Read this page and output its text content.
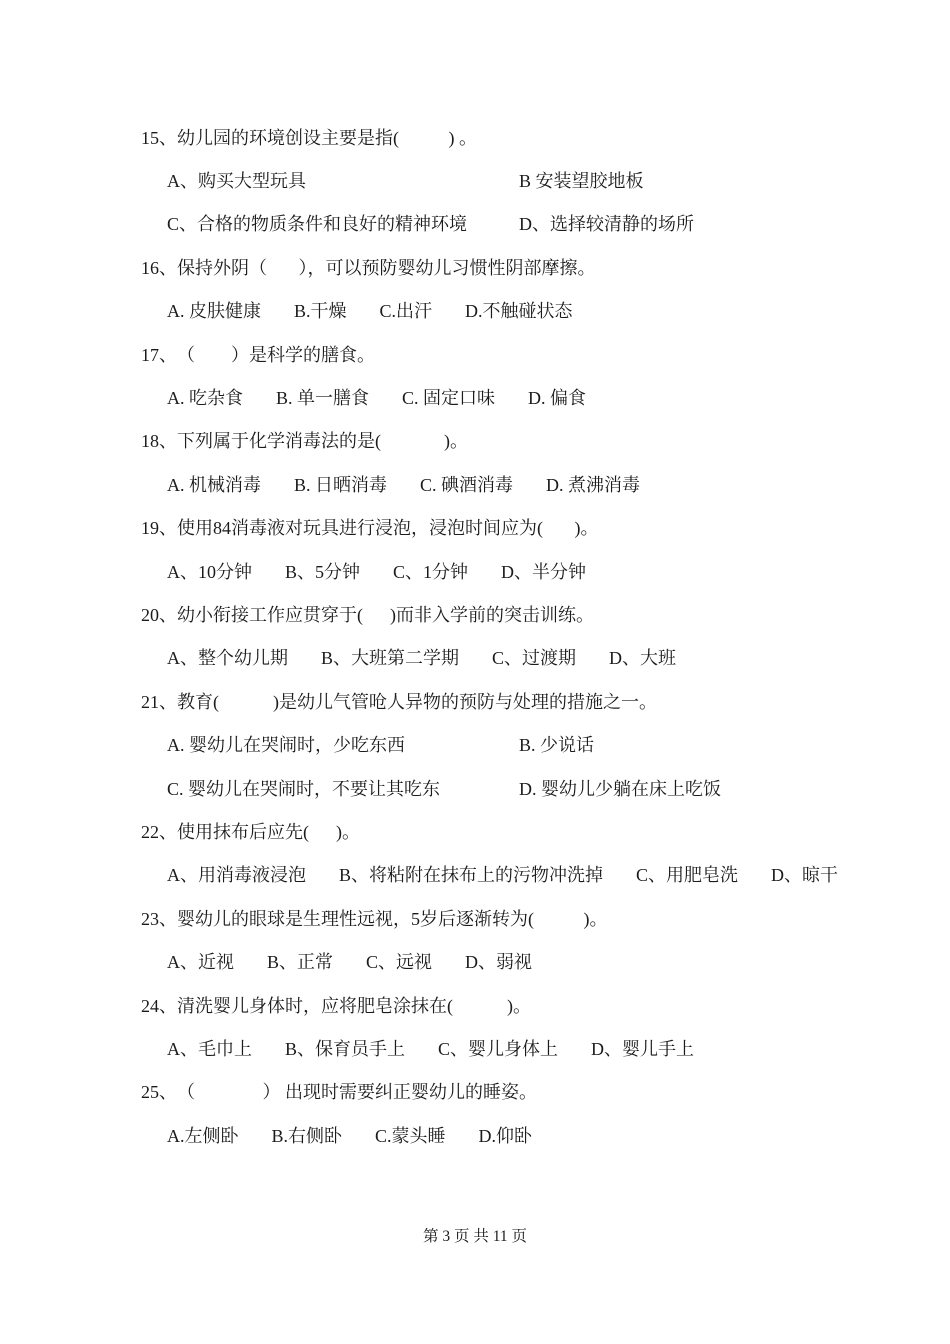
15、 幼儿园的环境创设主要是指(           ) 。
A、购买大型玩具	B 安装望胶地板
C、合格的物质条件和良好的精神环境	D、选择较清静的场所
16、 保持外阴（       ），可以预防婴幼儿习惯性阴部摩擦。
A. 皮肤健康 B.干燥 C.出汗 D.不触碰状态
17、 （        ）是科学的膳食。
A. 吃杂食 B. 单一膳食 C. 固定口味 D. 偏食
18、 下列属于化学消毒法的是(              )。
A. 机械消毒 B. 日晒消毒 C. 碘酒消毒 D. 煮沸消毒
19、 使用84消毒液对玩具进行浸泡，浸泡时间应为(       )。
A、10分钟 B、5分钟 C、1分钟 D、半分钟
20、 幼小衔接工作应贯穿于(      )而非入学前的突击训练。
A、整个幼儿期 B、大班第二学期 C、过渡期 D、大班
21、 教育(            )是幼儿气管呛人异物的预防与处理的措施之一。
A. 婴幼儿在哭闹时，少吃东西	B. 少说话
C. 婴幼儿在哭闹时，不要让其吃东	D. 婴幼儿少躺在床上吃饭
22、 使用抹布后应先(      )。
A、用消毒液浸泡 B、将粘附在抹布上的污物冲洗掉 C、用肥皂洗 D、晾干
23、 婴幼儿的眼球是生理性远视，5岁后逐渐转为(           )。
A、近视 B、正常 C、远视 D、弱视
24、 清洗婴儿身体时，应将肥皂涂抹在(            )。
A、毛巾上 B、保育员手上 C、婴儿身体上 D、婴儿手上
25、 （               ） 出现时需要纠正婴幼儿的睡姿。
A.左侧卧 B.右侧卧 C.蒙头睡 D.仰卧
第 3 页 共 11 页
